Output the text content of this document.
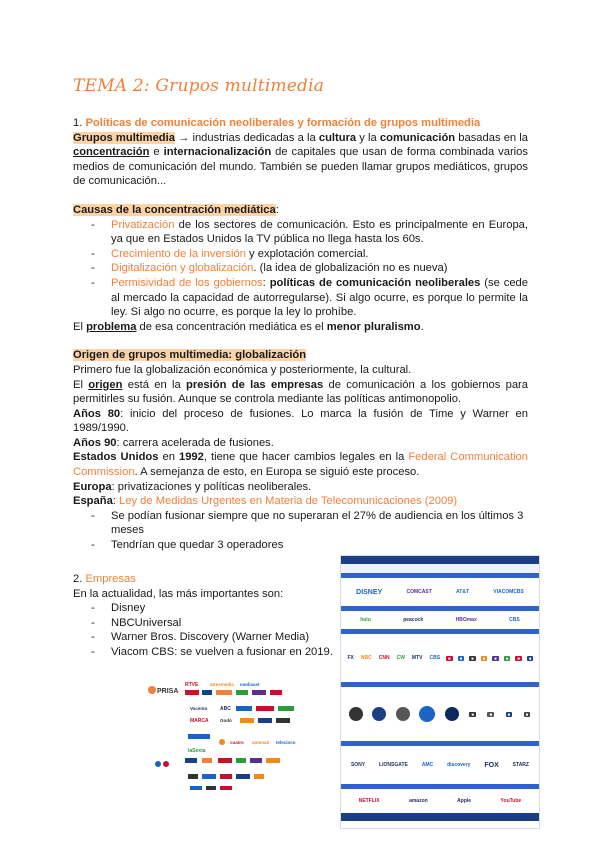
TEMA 2: Grupos multimedia

1. Políticas de comunicación neoliberales y formación de grupos multimedia

Grupos multimedia → industrias dedicadas a la cultura y la comunicación basadas en la concentración e internacionalización de capitales que usan de forma combinada varios medios de comunicación del mundo. También se pueden llamar grupos mediáticos, grupos de comunicación...

Causas de la concentración mediática:

- Privatización de los sectores de comunicación. Esto es principalmente en Europa, ya que en Estados Unidos la TV pública no llega hasta los 60s.
- Crecimiento de la inversión y explotación comercial.
- Digitalización y globalización. (la idea de globalización no es nueva)
- Permisividad de los gobiernos: políticas de comunicación neoliberales (se cede al mercado la capacidad de autorregularse). Si algo ocurre, es porque lo permite la ley. Si algo no ocurre, es porque la ley lo prohíbe.

El problema de esa concentración mediática es el menor pluralismo.

Origen de grupos multimedia: globalización

Primero fue la globalización económica y posteriormente, la cultural.

El origen está en la presión de las empresas de comunicación a los gobiernos para permitirles su fusión. Aunque se controla mediante las políticas antimonopolio.

Años 80: inicio del proceso de fusiones. Lo marca la fusión de Time y Warner en 1989/1990.

Años 90: carrera acelerada de fusiones.

Estados Unidos en 1992, tiene que hacer cambios legales en la Federal Communication Commission. A semejanza de esto, en Europa se siguió este proceso.

Europa: privatizaciones y políticas neoliberales.

España: Ley de Medidas Urgentes en Materia de Telecomunicaciones (2009)

- Se podían fusionar siempre que no superaran el 27% de audiencia en los últimos 3 meses
- Tendrían que quedar 3 operadores

2. Empresas

En la actualidad, las más importantes son:

- Disney
- NBCUniversal
- Warner Bros. Discovery (Warner Media)
- Viacom CBS: se vuelven a fusionar en 2019.
PRISA
RTVE	atresmedia mediaset
Vocento	ABC
MARCA	Godó
laSexta
cuatro antena3 telecinco
DISNEY	COMCAST	AT&T	VIACOMCBS
hulu	peacock	HBOmax	CBS
FX NBC CNN CW MTV CBS	■	■	■	■	■	■	■	■
■	■	■	■
SONY	LIONSGATE	AMC	discovery FOX	STARZ
NETFLIX	amazon	Apple	YouTube
